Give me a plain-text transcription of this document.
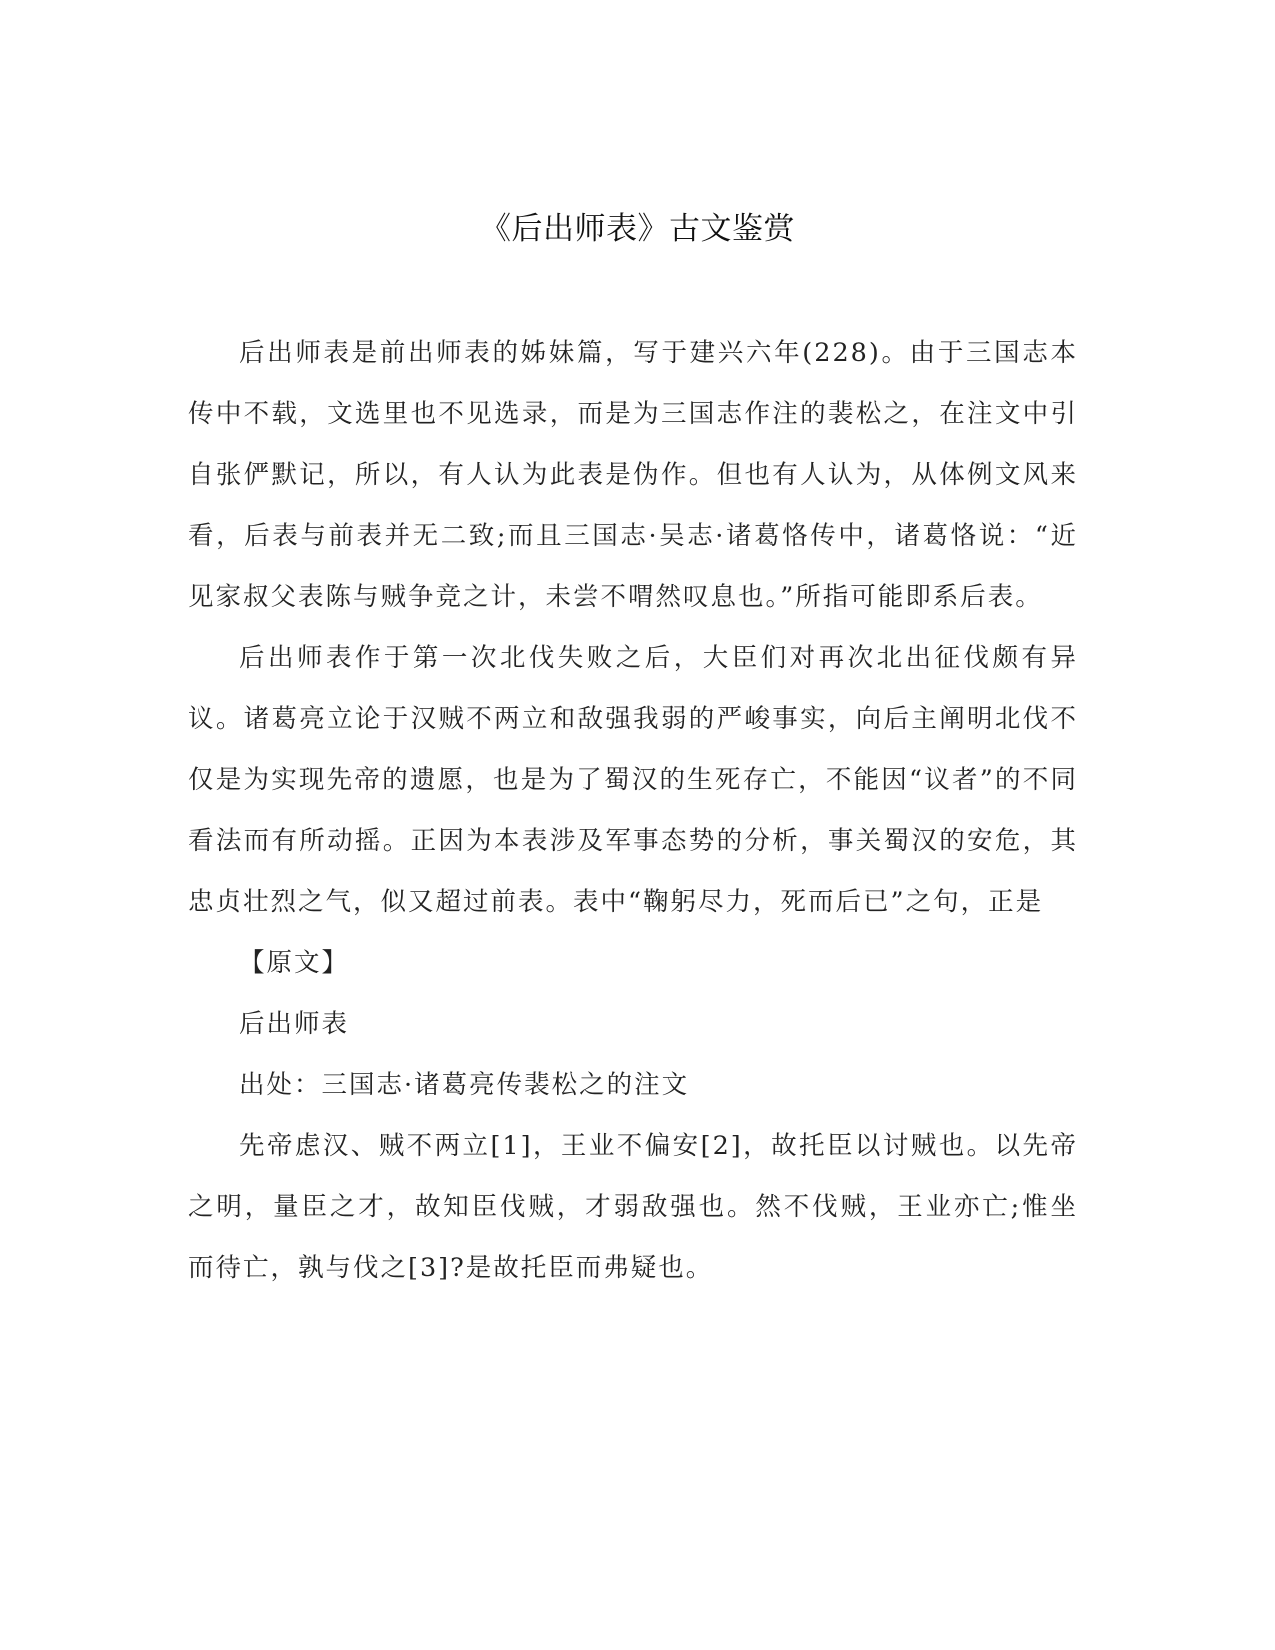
《后出师表》古文鉴赏

后出师表是前出师表的姊妹篇，写于建兴六年(228)。由于三国志本传中不载，文选里也不见选录，而是为三国志作注的裴松之，在注文中引自张俨默记，所以，有人认为此表是伪作。但也有人认为，从体例文风来看，后表与前表并无二致;而且三国志·吴志·诸葛恪传中，诸葛恪说：“近见家叔父表陈与贼争竞之计，未尝不喟然叹息也。”所指可能即系后表。

后出师表作于第一次北伐失败之后，大臣们对再次北出征伐颇有异议。诸葛亮立论于汉贼不两立和敌强我弱的严峻事实，向后主阐明北伐不仅是为实现先帝的遗愿，也是为了蜀汉的生死存亡，不能因“议者”的不同看法而有所动摇。正因为本表涉及军事态势的分析，事关蜀汉的安危，其忠贞壮烈之气，似又超过前表。表中“鞠躬尽力，死而后已”之句，正是

【原文】

后出师表

出处：三国志·诸葛亮传裴松之的注文

先帝虑汉、贼不两立[1]，王业不偏安[2]，故托臣以讨贼也。以先帝之明，量臣之才，故知臣伐贼，才弱敌强也。然不伐贼，王业亦亡;惟坐而待亡，孰与伐之[3]?是故托臣而弗疑也。
